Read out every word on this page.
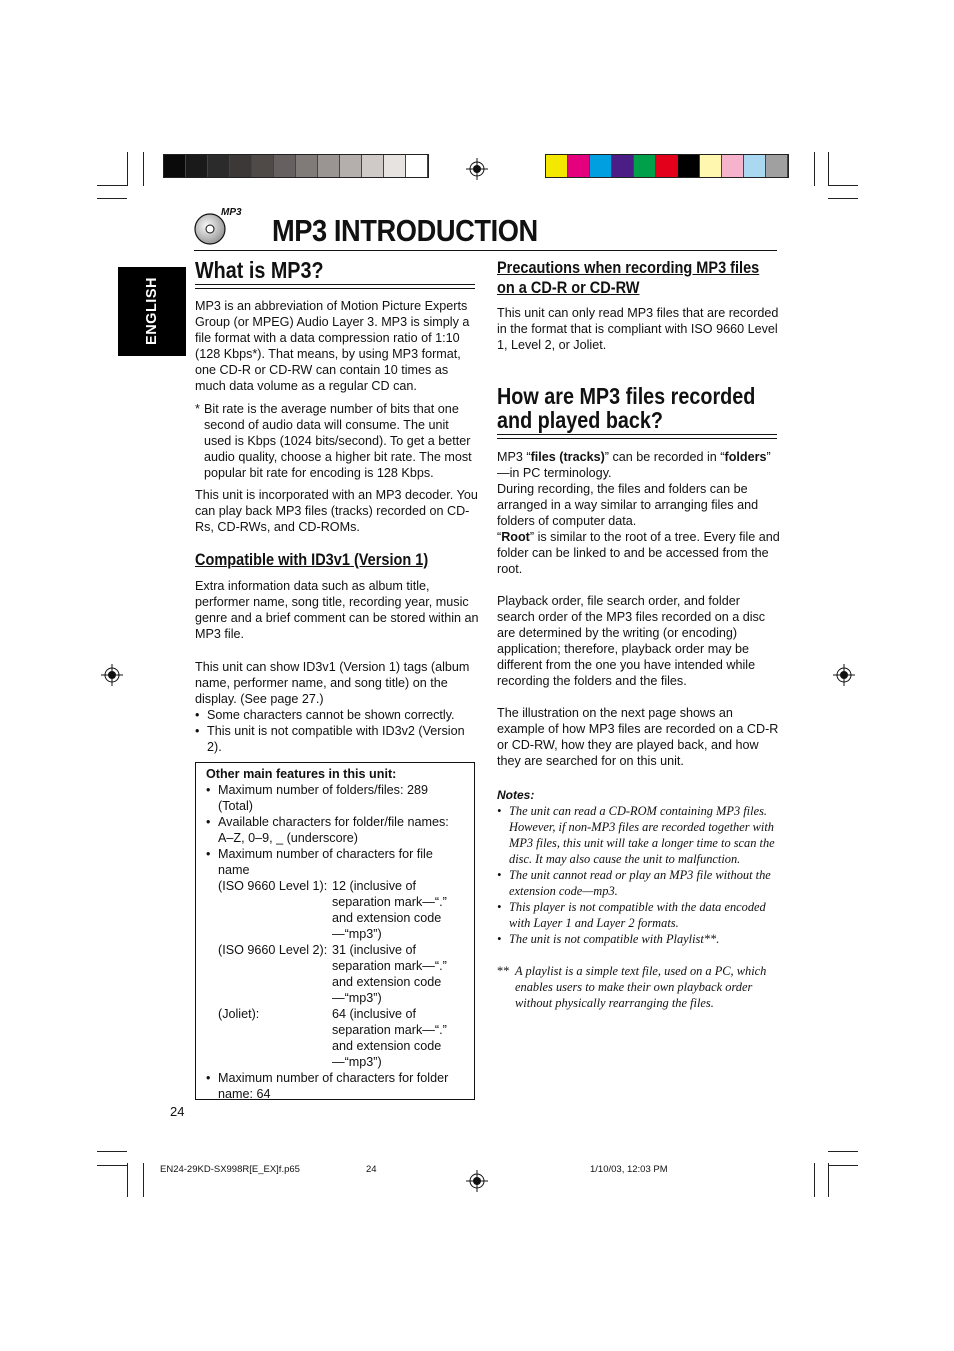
MP3
MP3 INTRODUCTION
ENGLISH
What is MP3?
MP3 is an abbreviation of Motion Picture Experts Group (or MPEG) Audio Layer 3. MP3 is simply a file format with a data compression ratio of 1:10 (128 Kbps*). That means, by using MP3 format, one CD-R or CD-RW can contain 10 times as much data volume as a regular CD can.
* Bit rate is the average number of bits that one second of audio data will consume. The unit used is Kbps (1024 bits/second). To get a better audio quality, choose a higher bit rate. The most popular bit rate for encoding is 128 Kbps.
This unit is incorporated with an MP3 decoder. You can play back MP3 files (tracks) recorded on CD-Rs, CD-RWs, and CD-ROMs.
Compatible with ID3v1 (Version 1)
Extra information data such as album title, performer name, song title, recording year, music genre and a brief comment can be stored within an MP3 file.
This unit can show ID3v1 (Version 1) tags (album name, performer name, and song title) on the display. (See page 27.)
• Some characters cannot be shown correctly.
• This unit is not compatible with ID3v2 (Version 2).
Other main features in this unit:
• Maximum number of folders/files: 289 (Total)
• Available characters for folder/file names: A–Z, 0–9, _ (underscore)
• Maximum number of characters for file name
(ISO 9660 Level 1): 12 (inclusive of separation mark—“.” and extension code—“mp3”)
(ISO 9660 Level 2): 31 (inclusive of separation mark—“.” and extension code—“mp3”)
(Joliet):	64 (inclusive of separation mark—“.” and extension code—“mp3”)
• Maximum number of characters for folder name: 64
24
Precautions when recording MP3 files
on a CD-R or CD-RW
This unit can only read MP3 files that are recorded in the format that is compliant with ISO 9660 Level 1, Level 2, or Joliet.
How are MP3 files recorded
and played back?
MP3 “files (tracks)” can be recorded in “folders” —in PC terminology.
During recording, the files and folders can be arranged in a way similar to arranging files and folders of computer data.
“Root” is similar to the root of a tree. Every file and folder can be linked to and be accessed from the root.
Playback order, file search order, and folder search order of the MP3 files recorded on a disc are determined by the writing (or encoding) application; therefore, playback order may be different from the one you have intended while recording the folders and the files.
The illustration on the next page shows an example of how MP3 files are recorded on a CD-R or CD-RW, how they are played back, and how they are searched for on this unit.
Notes:
• The unit can read a CD-ROM containing MP3 files. However, if non-MP3 files are recorded together with MP3 files, this unit will take a longer time to scan the disc. It may also cause the unit to malfunction.
• The unit cannot read or play an MP3 file without the extension code—mp3.
• This player is not compatible with the data encoded with Layer 1 and Layer 2 formats.
• The unit is not compatible with Playlist**.
** A playlist is a simple text file, used on a PC, which enables users to make their own playback order without physically rearranging the files.
EN24-29KD-SX998R[E_EX]f.p65	24	1/10/03, 12:03 PM
